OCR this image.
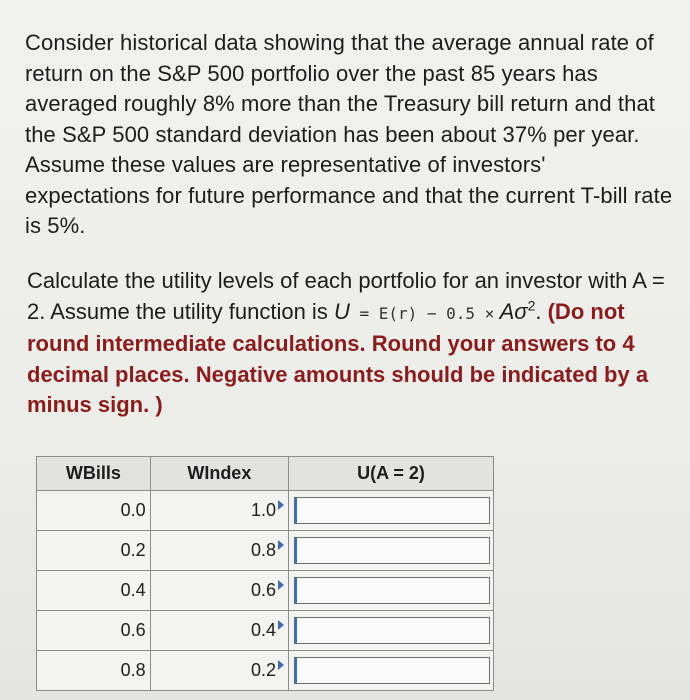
Consider historical data showing that the average annual rate of return on the S&P 500 portfolio over the past 85 years has averaged roughly 8% more than the Treasury bill return and that the S&P 500 standard deviation has been about 37% per year. Assume these values are representative of investors' expectations for future performance and that the current T-bill rate is 5%.
Calculate the utility levels of each portfolio for an investor with A = 2. Assume the utility function is $U = E(r) - 0.5 \times A\sigma^2$. (Do not round intermediate calculations. Round your answers to 4 decimal places. Negative amounts should be indicated by a minus sign. )
WBills	WIndex	U(A = 2)
0.0	1.0	

0.2	0.8	

0.4	0.6	

0.6	0.4	

0.8	0.2	
